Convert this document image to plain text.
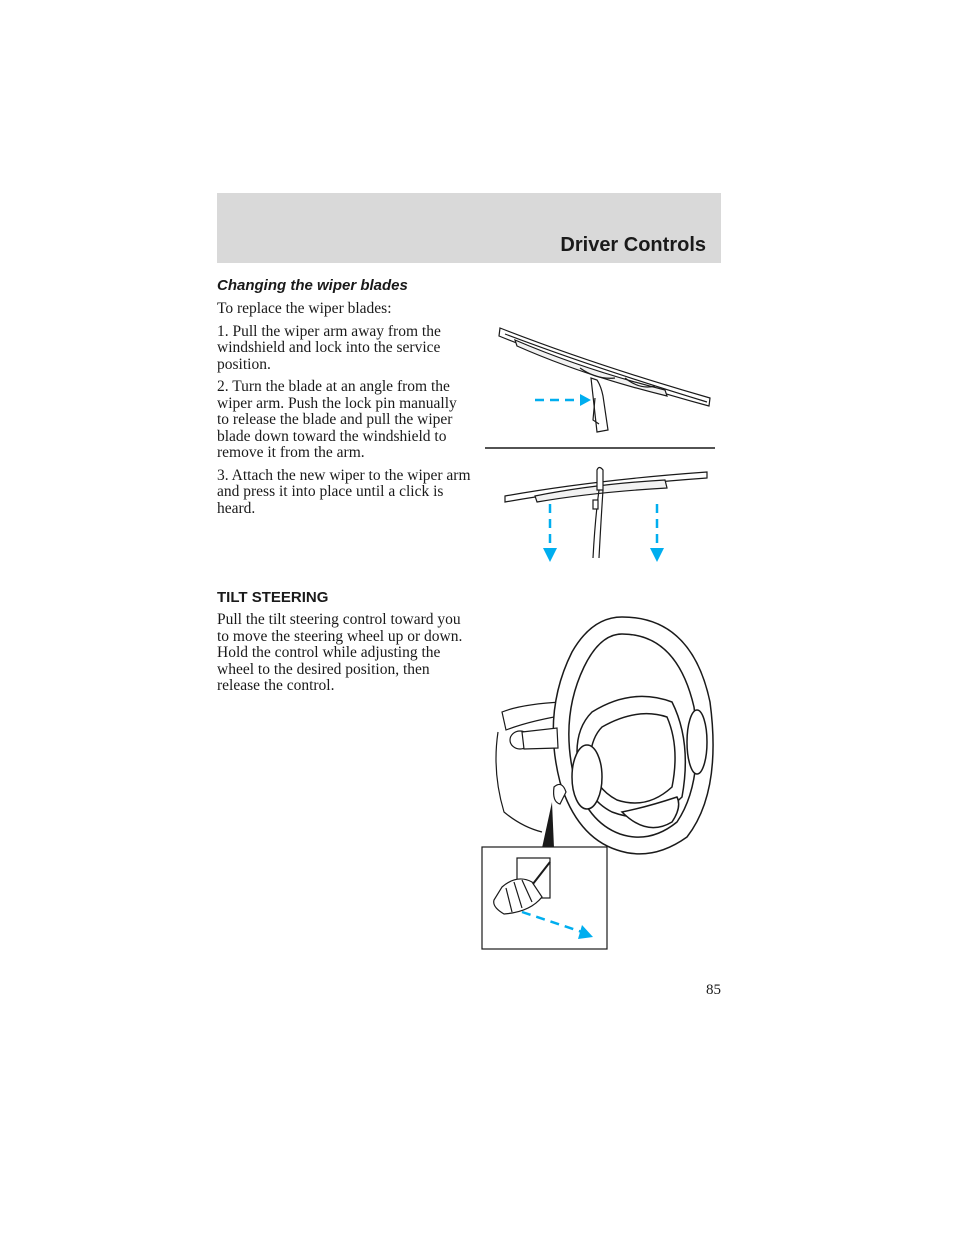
Driver Controls
Changing the wiper blades

To replace the wiper blades:

1. Pull the wiper arm away from the windshield and lock into the service position.

2. Turn the blade at an angle from the wiper arm. Push the lock pin manually to release the blade and pull the wiper blade down toward the windshield to remove it from the arm.

3. Attach the new wiper to the wiper arm and press it into place until a click is heard.

TILT STEERING

Pull the tilt steering control toward you to move the steering wheel up or down. Hold the control while adjusting the wheel to the desired position, then release the control.

85
